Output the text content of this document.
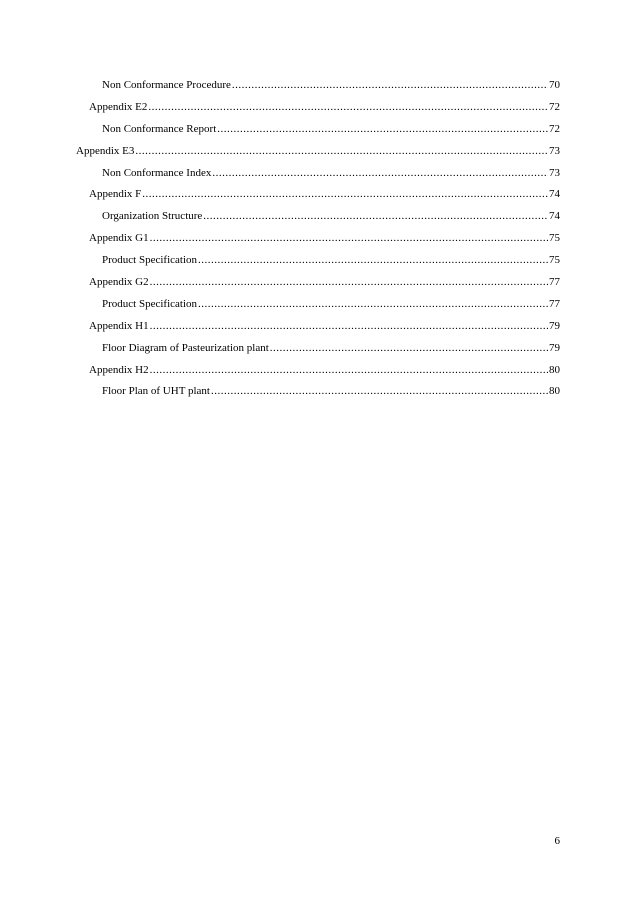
Non Conformance Procedure .....	70
Appendix E2 .....	72
Non Conformance Report .....	72
Appendix E3 .....	73
Non Conformance Index .....	73
Appendix F .....	74
Organization Structure .....	74
Appendix G1 .....	75
Product Specification .....	75
Appendix G2 .....	77
Product Specification .....	77
Appendix H1 .....	79
Floor Diagram of Pasteurization plant .....	79
Appendix H2 .....	80
Floor Plan of UHT plant .....	80
6
